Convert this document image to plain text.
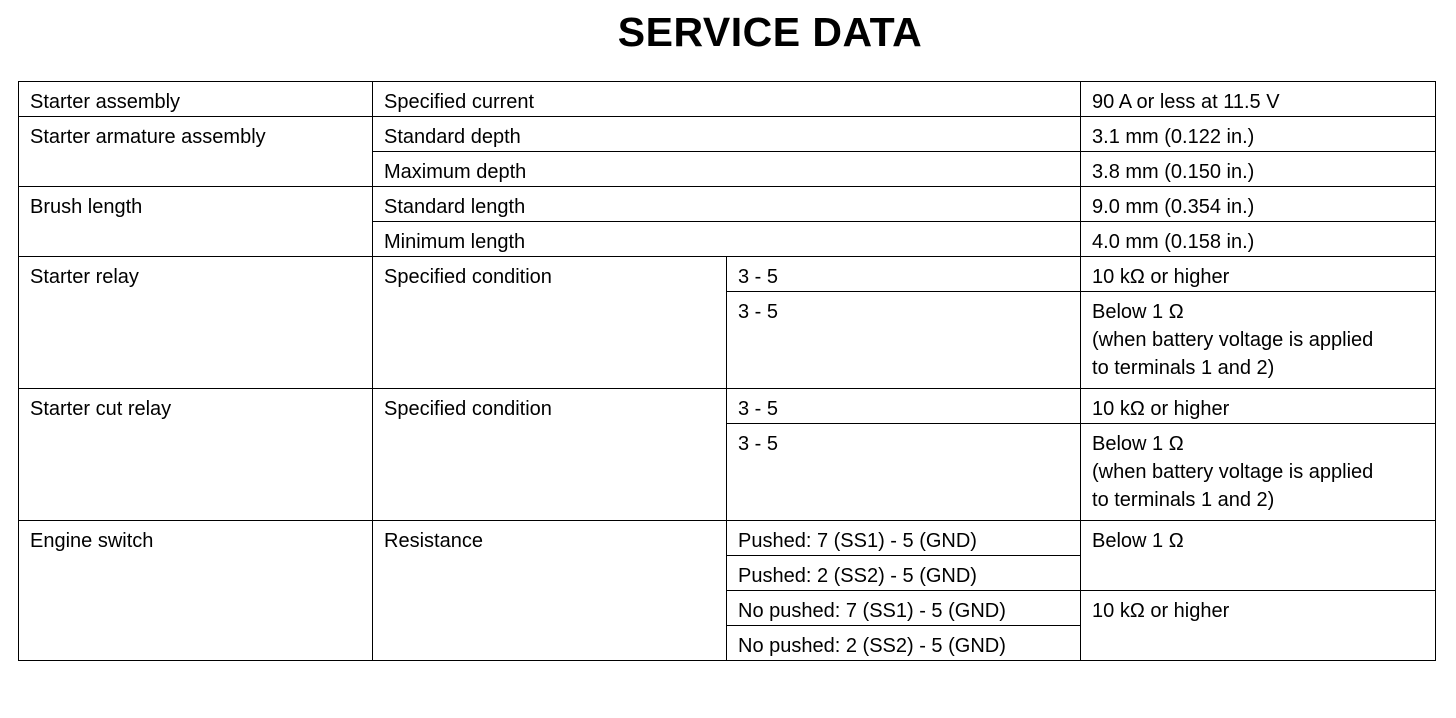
SERVICE DATA
Starter assembly	Specified current		90 A or less at 11.5 V
Starter armature assembly	Standard depth		3.1 mm (0.122 in.)
	Maximum depth		3.8 mm (0.150 in.)
Brush length	Standard length		9.0 mm (0.354 in.)
	Minimum length		4.0 mm (0.158 in.)
Starter relay	Specified condition	3 - 5	10 kΩ or higher
		3 - 5	Below 1 Ω
(when battery voltage is applied
to terminals 1 and 2)
Starter cut relay	Specified condition	3 - 5	10 kΩ or higher
		3 - 5	Below 1 Ω
(when battery voltage is applied
to terminals 1 and 2)
Engine switch	Resistance	Pushed: 7 (SS1) - 5 (GND)	Below 1 Ω
		Pushed: 2 (SS2) - 5 (GND)	
		No pushed: 7 (SS1) - 5 (GND)	10 kΩ or higher
		No pushed: 2 (SS2) - 5 (GND)	
